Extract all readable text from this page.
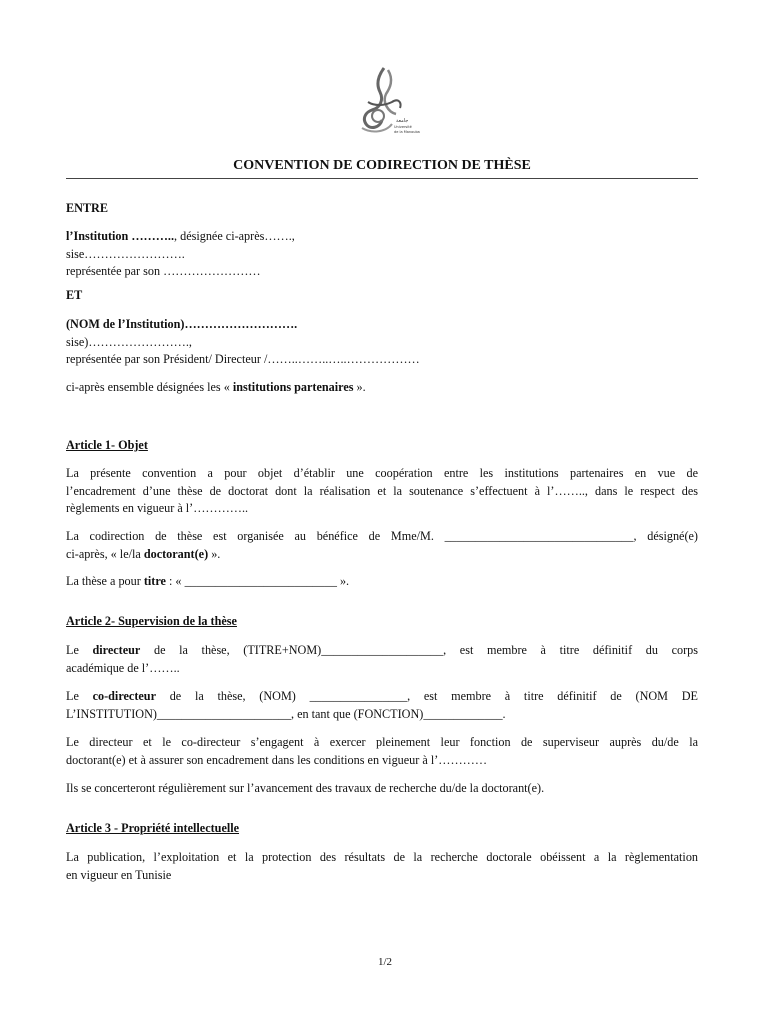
جامعة
Université
de la Manouba
CONVENTION DE CODIRECTION DE THÈSE
ENTRE
l’Institution ……….., désignée ci-après…….,
sise…………………….
représentée par son ……………………
ET
(NOM de l’Institution)……………………….
sise)…………………….,
représentée par son Président/ Directeur /……..……..…..………………
ci-après ensemble désignées les « institutions partenaires ».
Article 1- Objet
La présente convention a pour objet d’établir une coopération entre les institutions partenaires en vue de
l’encadrement d’une thèse de doctorat dont la réalisation et la soutenance s’effectuent à l’…….., dans le respect des
règlements en vigueur à l’…………..
La codirection de thèse est organisée au bénéfice de Mme/M. _______________________________, désigné(e)
ci-après, « le/la doctorant(e) ».
La thèse a pour titre : « _________________________ ».
Article 2- Supervision de la thèse
Le directeur de la thèse, (TITRE+NOM)____________________, est membre à titre définitif du corps
académique de l’……..
Le co-directeur de la thèse, (NOM) ________________, est membre à titre définitif de (NOM DE
L’INSTITUTION)______________________, en tant que (FONCTION)_____________.
Le directeur et le co-directeur s’engagent à exercer pleinement leur fonction de superviseur auprès du/de la
doctorant(e) et à assurer son encadrement dans les conditions en vigueur à l’…………
Ils se concerteront régulièrement sur l’avancement des travaux de recherche du/de la doctorant(e).
Article 3 - Propriété intellectuelle
La publication, l’exploitation et la protection des résultats de la recherche doctorale obéissent a la règlementation
en vigueur en Tunisie
1/2
